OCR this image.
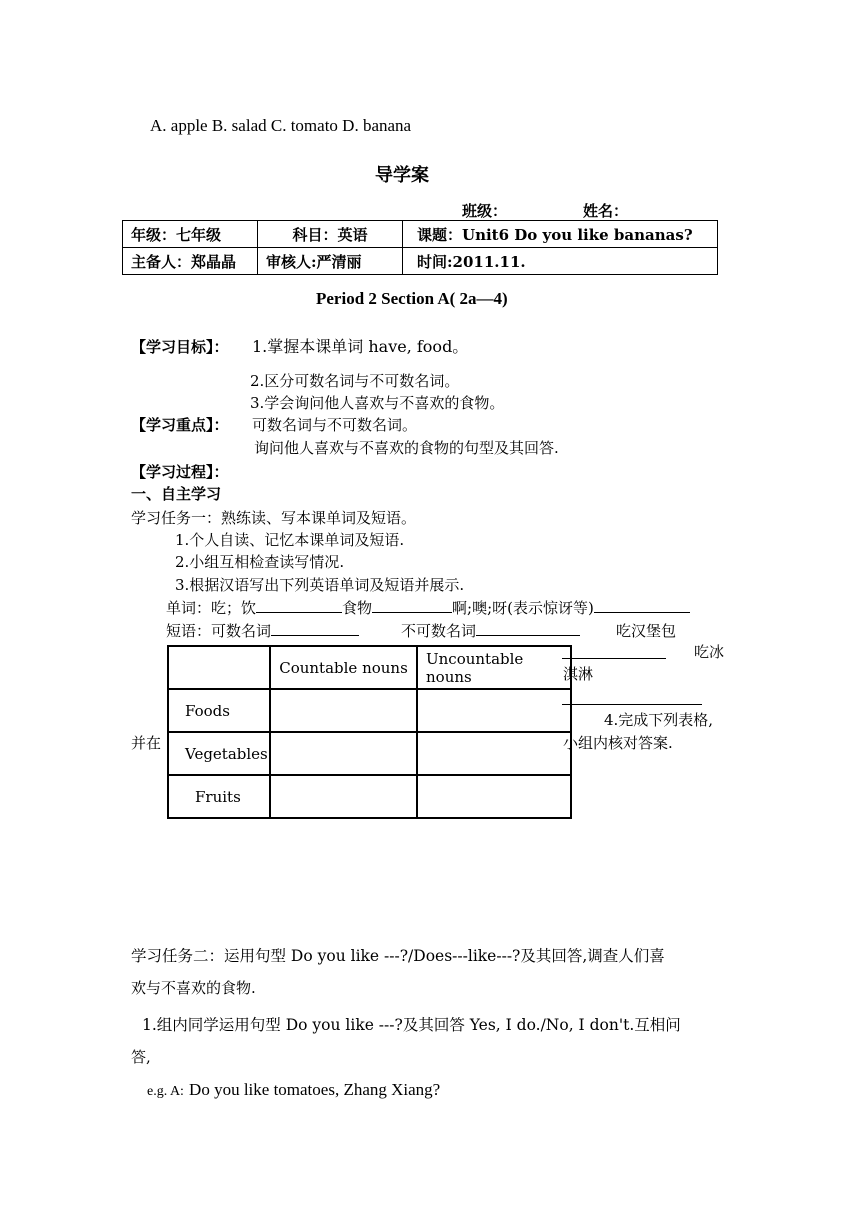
A. apple B. salad C. tomato D. banana
导学案
班级：	姓名：
年级：七年级	科目：英语	课题：Unit6 Do you like bananas?
主备人：郑晶晶	审核人:严清丽	时间:2011.11.
Period 2 Section A( 2a—4)
【学习目标】： 1.掌握本课单词 have, food。
2.区分可数名词与不可数名词。
3.学会询问他人喜欢与不喜欢的食物。
【学习重点】： 可数名词与不可数名词。
询问他人喜欢与不喜欢的食物的句型及其回答.
【学习过程】：
一、自主学习
学习任务一：熟练读、写本课单词及短语。
1.个人自读、记忆本课单词及短语.
2.小组互相检查读写情况.
3.根据汉语写出下列英语单词及短语并展示.
单词：吃；饮	食物	啊;噢;呀(表示惊讶等)
短语：可数名词	不可数名词	吃汉堡包
吃冰
淇淋
4.完成下列表格,
小组内核对答案.
并在
	Countable nouns	Uncountable nouns
Foods		
Vegetables		
Fruits		
学习任务二：运用句型 Do you like ---?/Does---like---?及其回答,调查人们喜
欢与不喜欢的食物.
1.组内同学运用句型 Do you like ---?及其回答 Yes, I do./No, I don't.互相问
答,
e.g. A: Do you like tomatoes, Zhang Xiang?
